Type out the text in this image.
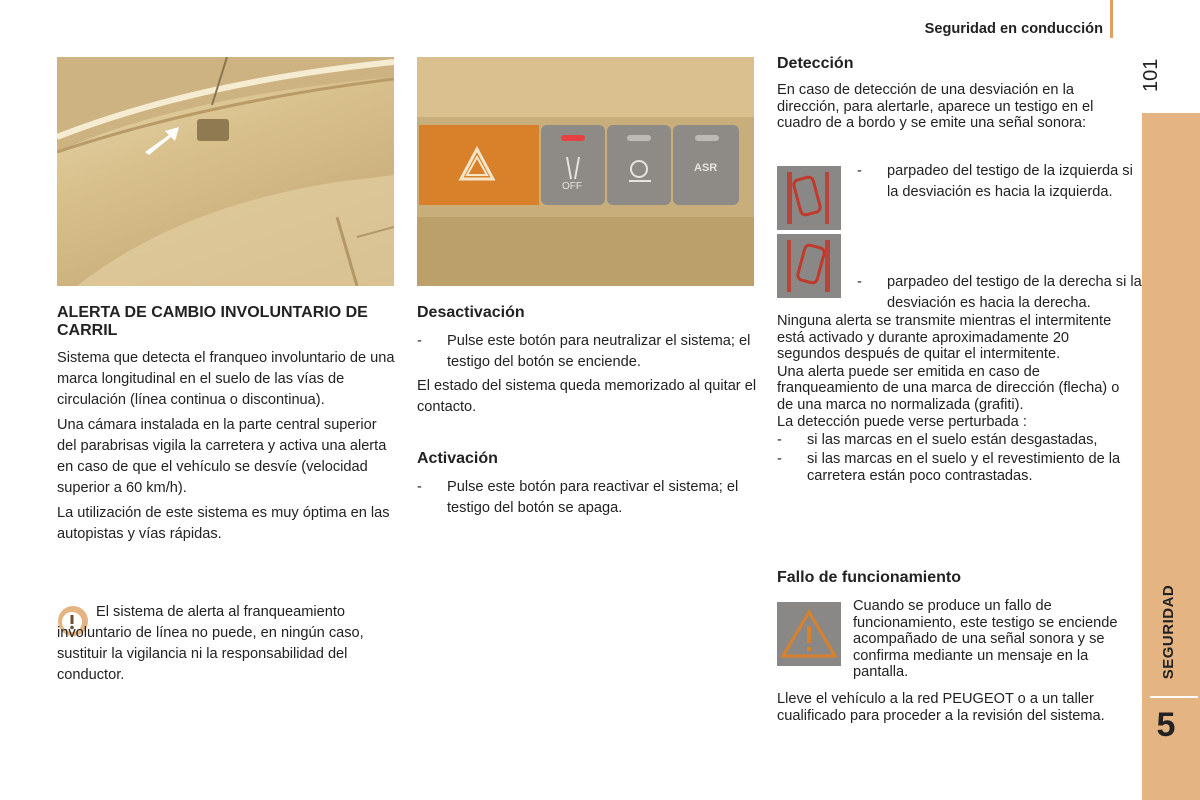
Seguridad en conducción
101
SEGURIDAD
5
OFF
ASR
ALERTA DE CAMBIO INVOLUNTARIO DE CARRIL

Sistema que detecta el franqueo involuntario de una marca longitudinal en el suelo de las vías de circulación (línea continua o discontinua).

Una cámara instalada en la parte central superior del parabrisas vigila la carretera y activa una alerta en caso de que el vehículo se desvíe (velocidad superior a 60 km/h).

La utilización de este sistema es muy óptima en las autopistas y vías rápidas.

El sistema de alerta al franqueamiento involuntario de línea no puede, en ningún caso, sustituir la vigilancia ni la responsabilidad del conductor.
Desactivación
- Pulse este botón para neutralizar el sistema; el testigo del botón se enciende.

El estado del sistema queda memorizado al quitar el contacto.

Activación
- Pulse este botón para reactivar el sistema; el testigo del botón se apaga.
Detección

En caso de detección de una desviación en la dirección, para alertarle, aparece un testigo en el cuadro de a bordo y se emite una señal sonora:

- parpadeo del testigo de la izquierda si la desviación es hacia la izquierda.
- parpadeo del testigo de la derecha si la desviación es hacia la derecha.

Ninguna alerta se transmite mientras el intermitente está activado y durante aproximadamente 20 segundos después de quitar el intermitente.

Una alerta puede ser emitida en caso de franqueamiento de una marca de dirección (flecha) o de una marca no normalizada (grafiti).

La detección puede verse perturbada :

- si las marcas en el suelo están desgastadas,
- si las marcas en el suelo y el revestimiento de la carretera están poco contrastadas.
Fallo de funcionamiento

Cuando se produce un fallo de funcionamiento, este testigo se enciende acompañado de una señal sonora y se confirma mediante un mensaje en la pantalla.

Lleve el vehículo a la red PEUGEOT o a un taller cualificado para proceder a la revisión del sistema.
